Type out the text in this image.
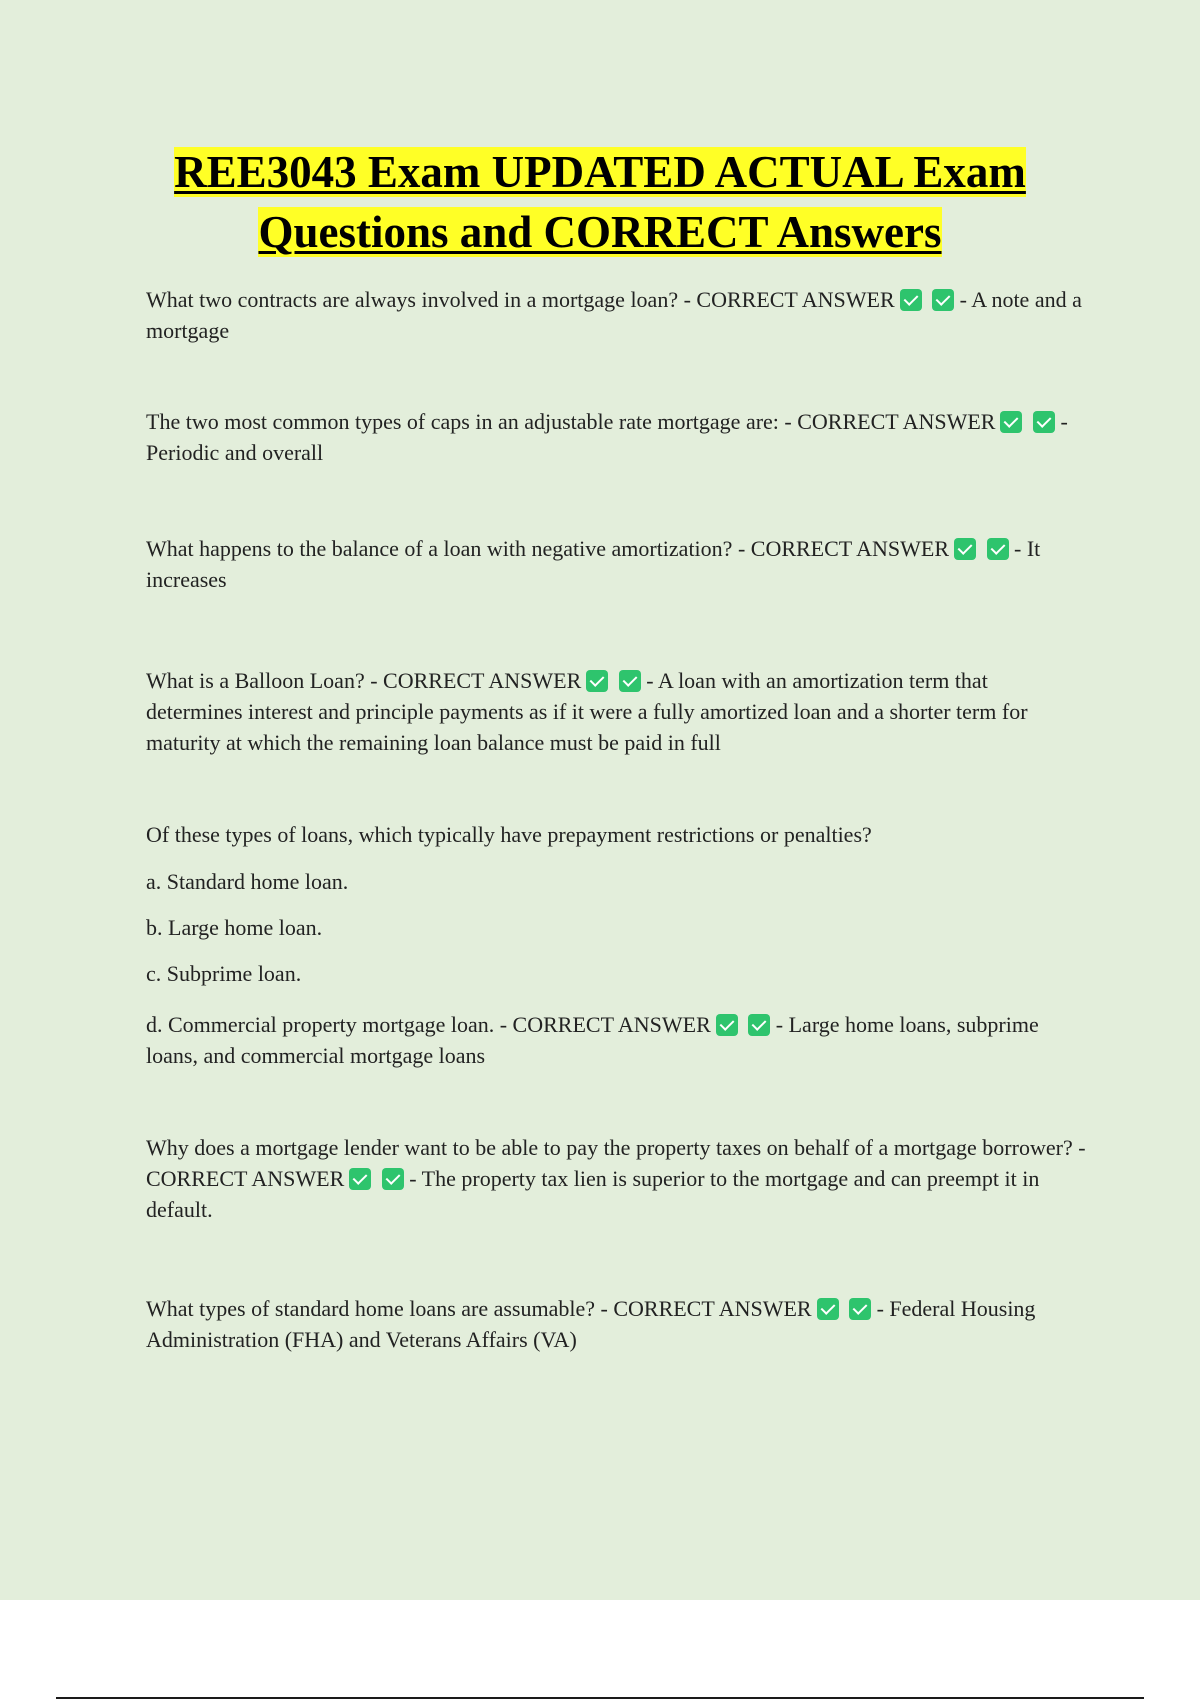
REE3043 Exam UPDATED ACTUAL Exam
Questions and CORRECT Answers
What two contracts are always involved in a mortgage loan? - CORRECT ANSWER	- A note and a mortgage
The two most common types of caps in an adjustable rate mortgage are: - CORRECT ANSWER	- Periodic and overall
What happens to the balance of a loan with negative amortization? - CORRECT ANSWER	- It increases
What is a Balloon Loan? - CORRECT ANSWER	- A loan with an amortization term that determines interest and principle payments as if it were a fully amortized loan and a shorter term for maturity at which the remaining loan balance must be paid in full
Of these types of loans, which typically have prepayment restrictions or penalties?
a. Standard home loan.
b. Large home loan.
c. Subprime loan.
d. Commercial property mortgage loan. - CORRECT ANSWER	- Large home loans, subprime loans, and commercial mortgage loans
Why does a mortgage lender want to be able to pay the property taxes on behalf of a mortgage borrower? - CORRECT ANSWER	- The property tax lien is superior to the mortgage and can preempt it in default.
What types of standard home loans are assumable? - CORRECT ANSWER	- Federal Housing Administration (FHA) and Veterans Affairs (VA)
